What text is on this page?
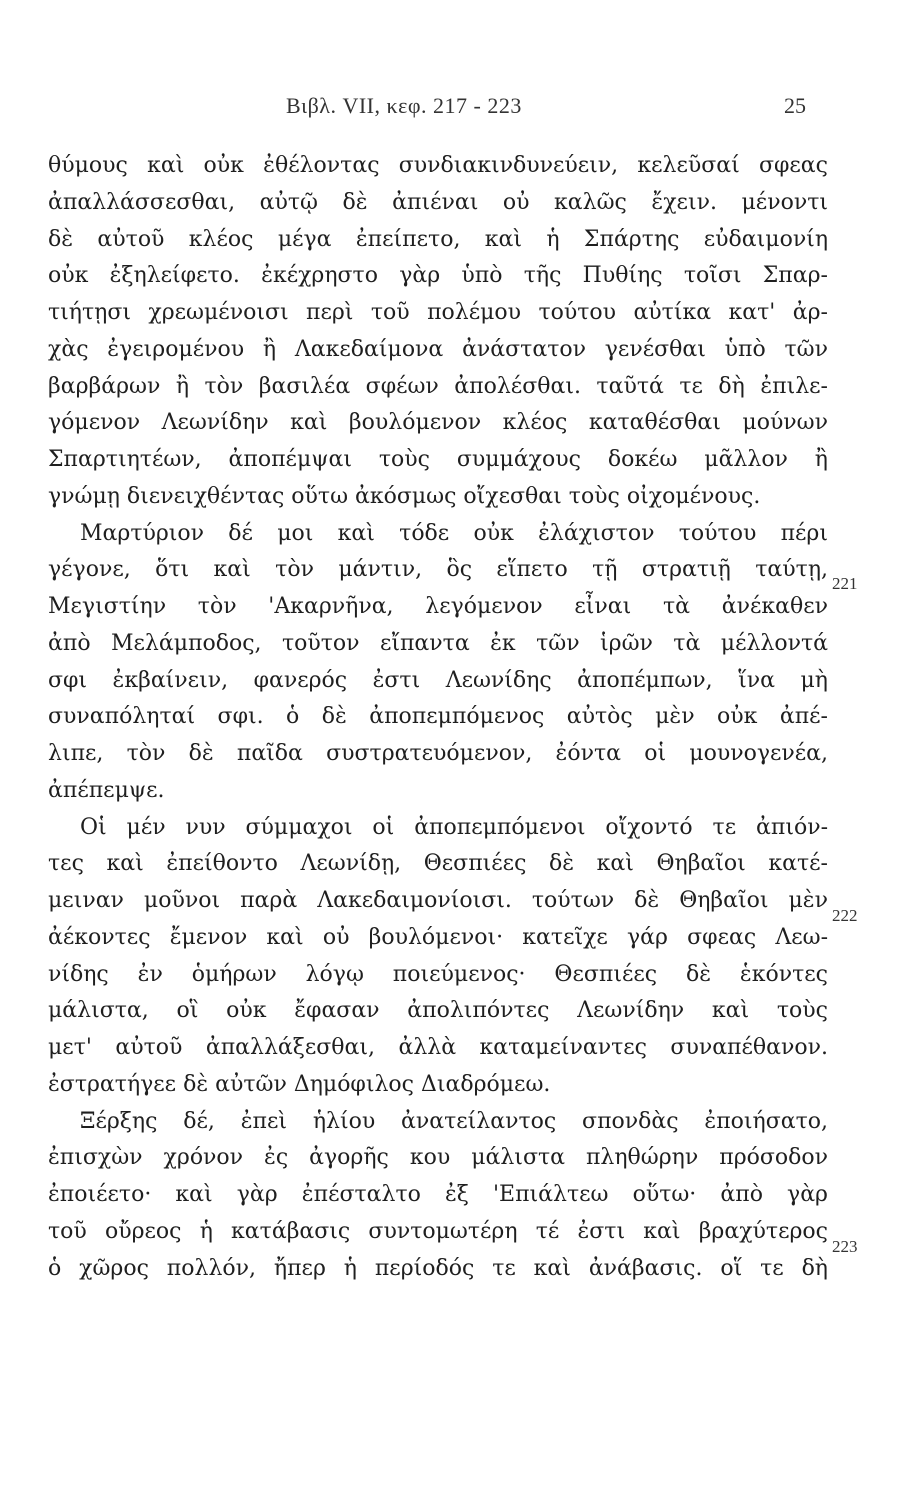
Βιβλ. VII, κεφ. 217 - 223	25
221
222
223
θύμους καὶ οὐκ ἐθέλοντας συνδιακινδυνεύειν, κελεῦσαί σφεας
ἀπαλλάσσεσθαι, αὐτῷ δὲ ἀπιέναι οὐ καλῶς ἔχειν. μένοντι
δὲ αὐτοῦ κλέος μέγα ἐπείπετο, καὶ ἡ Σπάρτης εὐδαιμονίη
οὐκ ἐξηλείφετο. ἐκέχρηστο γὰρ ὑπὸ τῆς Πυθίης τοῖσι Σπαρ-
τιήτῃσι χρεωμένοισι περὶ τοῦ πολέμου τούτου αὐτίκα κατ' ἀρ-
χὰς ἐγειρομένου ἢ Λακεδαίμονα ἀνάστατον γενέσθαι ὑπὸ τῶν
βαρβάρων ἢ τὸν βασιλέα σφέων ἀπολέσθαι. ταῦτά τε δὴ ἐπιλε-
γόμενον Λεωνίδην καὶ βουλόμενον κλέος καταθέσθαι μούνων
Σπαρτιητέων, ἀποπέμψαι τοὺς συμμάχους δοκέω μᾶλλον ἢ
γνώμῃ διενειχθέντας οὕτω ἀκόσμως οἴχεσθαι τοὺς οἰχομένους.
Μαρτύριον δέ μοι καὶ τόδε οὐκ ἐλάχιστον τούτου πέρι
γέγονε, ὅτι καὶ τὸν μάντιν, ὃς εἵπετο τῇ στρατιῇ ταύτῃ,
Μεγιστίην τὸν 'Ακαρνῆνα, λεγόμενον εἶναι τὰ ἀνέκαθεν
ἀπὸ Μελάμποδος, τοῦτον εἴπαντα ἐκ τῶν ἱρῶν τὰ μέλλοντά
σφι ἐκβαίνειν, φανερός ἐστι Λεωνίδης ἀποπέμπων, ἵνα μὴ
συναπόληταί σφι. ὁ δὲ ἀποπεμπόμενος αὐτὸς μὲν οὐκ ἀπέ-
λιπε, τὸν δὲ παῖδα συστρατευόμενον, ἐόντα οἱ μουνογενέα,
ἀπέπεμψε.
Οἱ μέν νυν σύμμαχοι οἱ ἀποπεμπόμενοι οἴχοντό τε ἀπιόν-
τες καὶ ἐπείθοντο Λεωνίδῃ, Θεσπιέες δὲ καὶ Θηβαῖοι κατέ-
μειναν μοῦνοι παρὰ Λακεδαιμονίοισι. τούτων δὲ Θηβαῖοι μὲν
ἀέκοντες ἔμενον καὶ οὐ βουλόμενοι· κατεῖχε γάρ σφεας Λεω-
νίδης ἐν ὁμήρων λόγῳ ποιεύμενος· Θεσπιέες δὲ ἑκόντες
μάλιστα, οἳ οὐκ ἔφασαν ἀπολιπόντες Λεωνίδην καὶ τοὺς
μετ' αὐτοῦ ἀπαλλάξεσθαι, ἀλλὰ καταμείναντες συναπέθανον.
ἐστρατήγεε δὲ αὐτῶν Δημόφιλος Διαδρόμεω.
Ξέρξης δέ, ἐπεὶ ἡλίου ἀνατείλαντος σπονδὰς ἐποιήσατο,
ἐπισχὼν χρόνον ἐς ἀγορῆς κου μάλιστα πληθώρην πρόσοδον
ἐποιέετο· καὶ γὰρ ἐπέσταλτο ἐξ 'Επιάλτεω οὕτω· ἀπὸ γὰρ
τοῦ οὔρεος ἡ κατάβασις συντομωτέρη τέ ἐστι καὶ βραχύτερος
ὁ χῶρος πολλόν, ἤπερ ἡ περίοδός τε καὶ ἀνάβασις. οἵ τε δὴ
